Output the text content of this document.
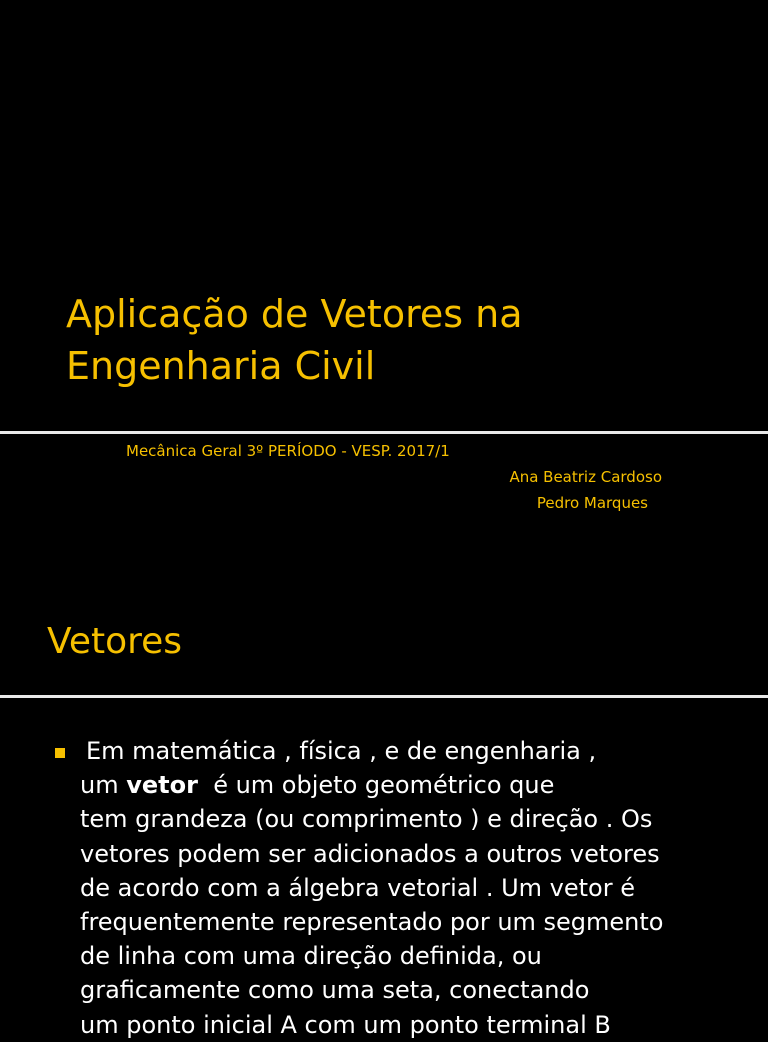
Aplicação de Vetores na
Engenharia Civil
Mecânica Geral 3º PERÍODO - VESP. 2017/1
Ana Beatriz Cardoso
Pedro Marques
Vetores
Em matemática , física , e de engenharia ,
um vetor  é um objeto geométrico que
tem grandeza (ou comprimento ) e direção . Os
vetores podem ser adicionados a outros vetores
de acordo com a álgebra vetorial . Um vetor é
frequentemente representado por um segmento
de linha com uma direção definida, ou
graficamente como uma seta, conectando
um ponto inicial A com um ponto terminal B
